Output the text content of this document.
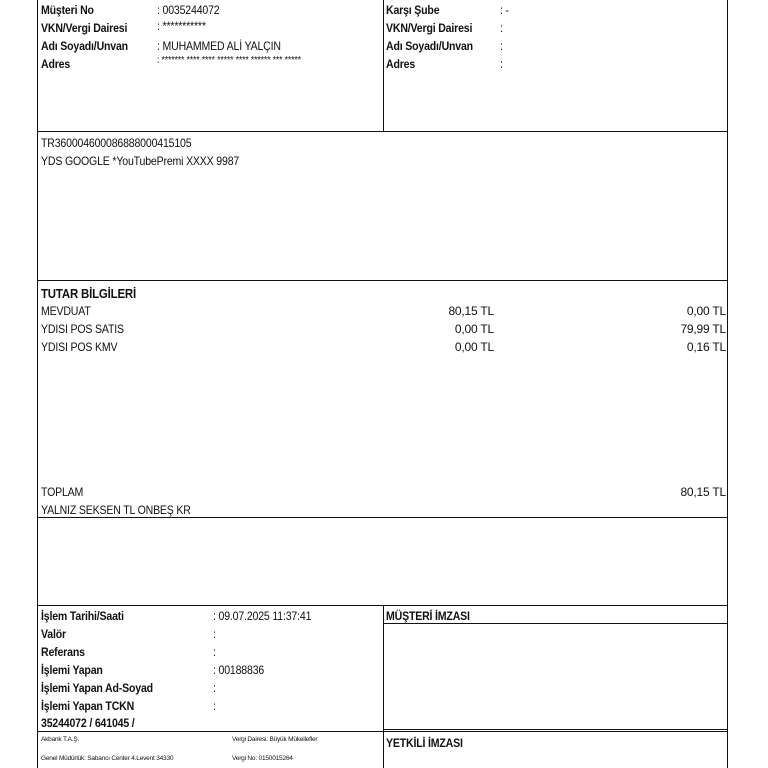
Müşteri No	: 0035244072
VKN/Vergi Dairesi : ***********
Adı Soyadı/Unvan : MUHAMMED ALİ YALÇIN
Adres	: ******* **** **** ***** **** ****** *** *****
Karşı Şube	: -
VKN/Vergi Dairesi :
Adı Soyadı/Unvan :
Adres	:
TR360004600086888000415105
YDS GOOGLE *YouTubePremi XXXX 9987
TUTAR BİLGİLERİ
MEVDUAT	80,15 TL	0,00 TL
YDISI POS SATIS	0,00 TL	79,99 TL
YDISI POS KMV	0,00 TL	0,16 TL
TOPLAM	80,15 TL
YALNIZ SEKSEN TL ONBEŞ KR
İşlem Tarihi/Saati	: 09.07.2025 11:37:41
Valör	:
Referans	:
İşlemi Yapan	: 00188836
İşlemi Yapan Ad-Soyad	:
İşlemi Yapan TCKN	:
35244072 / 641045 /
MÜŞTERİ İMZASI
YETKİLİ İMZASI
Akbank T.A.Ş.
Genel Müdürlük: Sabancı Center 4.Levent 34330
Vergi Dairesi: Büyük Mükellefler
Vergi No: 0150015264
